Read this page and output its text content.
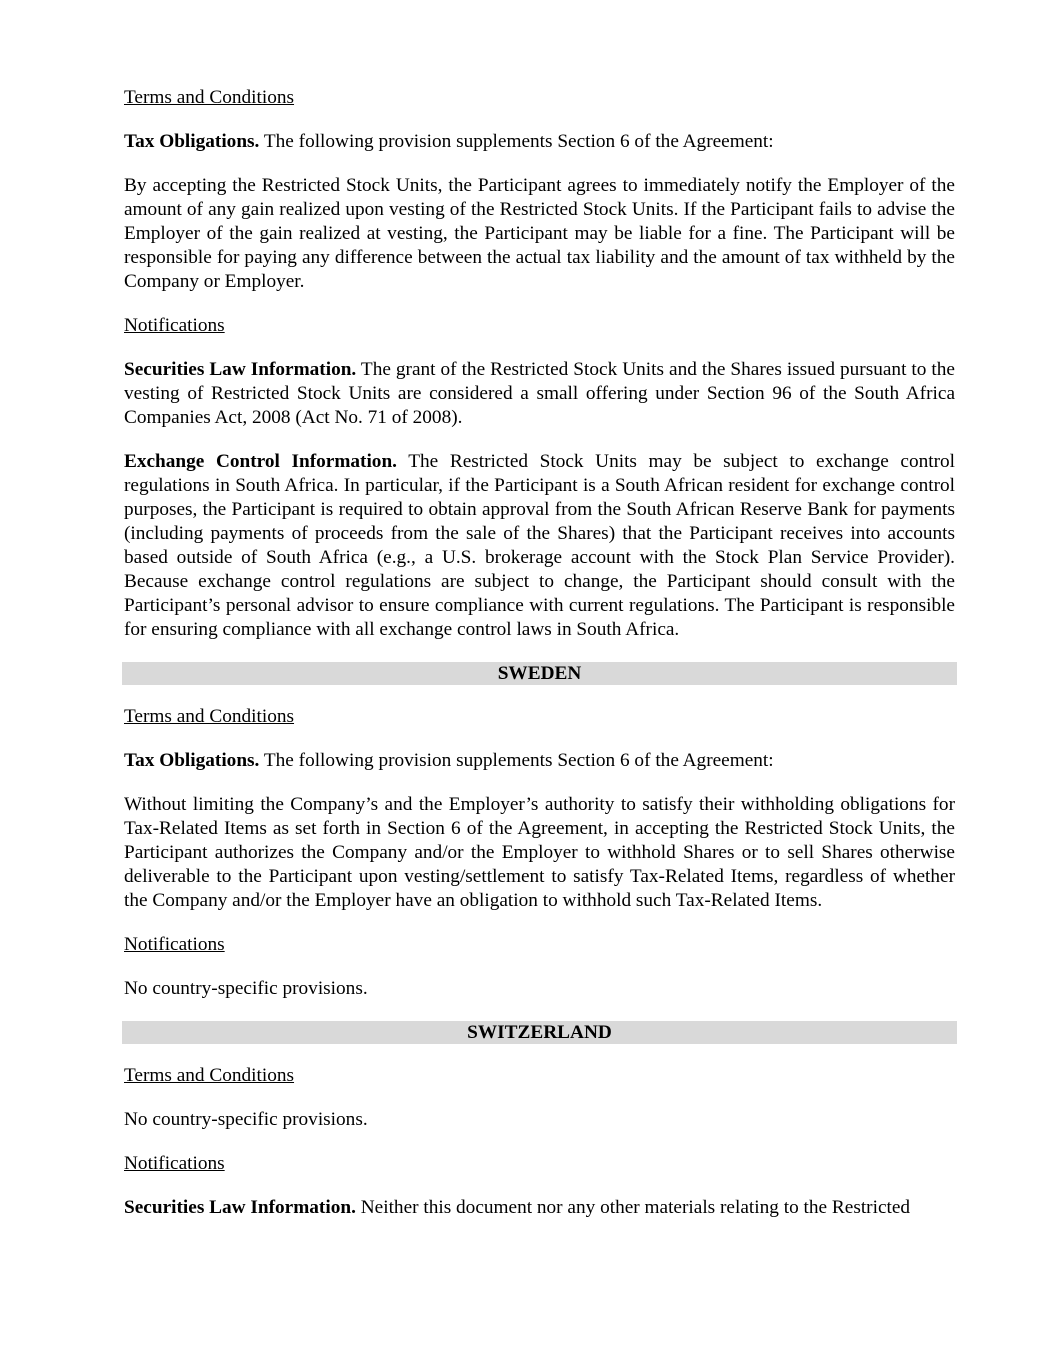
Terms and Conditions

Tax Obligations. The following provision supplements Section 6 of the Agreement:

By accepting the Restricted Stock Units, the Participant agrees to immediately notify the Employer of the amount of any gain realized upon vesting of the Restricted Stock Units. If the Participant fails to advise the Employer of the gain realized at vesting, the Participant may be liable for a fine. The Participant will be responsible for paying any difference between the actual tax liability and the amount of tax withheld by the Company or Employer.

Notifications

Securities Law Information. The grant of the Restricted Stock Units and the Shares issued pursuant to the vesting of Restricted Stock Units are considered a small offering under Section 96 of the South Africa Companies Act, 2008 (Act No. 71 of 2008).

Exchange Control Information. The Restricted Stock Units may be subject to exchange control regulations in South Africa. In particular, if the Participant is a South African resident for exchange control purposes, the Participant is required to obtain approval from the South African Reserve Bank for payments (including payments of proceeds from the sale of the Shares) that the Participant receives into accounts based outside of South Africa (e.g., a U.S. brokerage account with the Stock Plan Service Provider). Because exchange control regulations are subject to change, the Participant should consult with the Participant’s personal advisor to ensure compliance with current regulations. The Participant is responsible for ensuring compliance with all exchange control laws in South Africa.

SWEDEN
Terms and Conditions

Tax Obligations. The following provision supplements Section 6 of the Agreement:

Without limiting the Company’s and the Employer’s authority to satisfy their withholding obligations for Tax-Related Items as set forth in Section 6 of the Agreement, in accepting the Restricted Stock Units, the Participant authorizes the Company and/or the Employer to withhold Shares or to sell Shares otherwise deliverable to the Participant upon vesting/settlement to satisfy Tax-Related Items, regardless of whether the Company and/or the Employer have an obligation to withhold such Tax-Related Items.

Notifications

No country-specific provisions.

SWITZERLAND
Terms and Conditions

No country-specific provisions.

Notifications

Securities Law Information. Neither this document nor any other materials relating to the Restricted
